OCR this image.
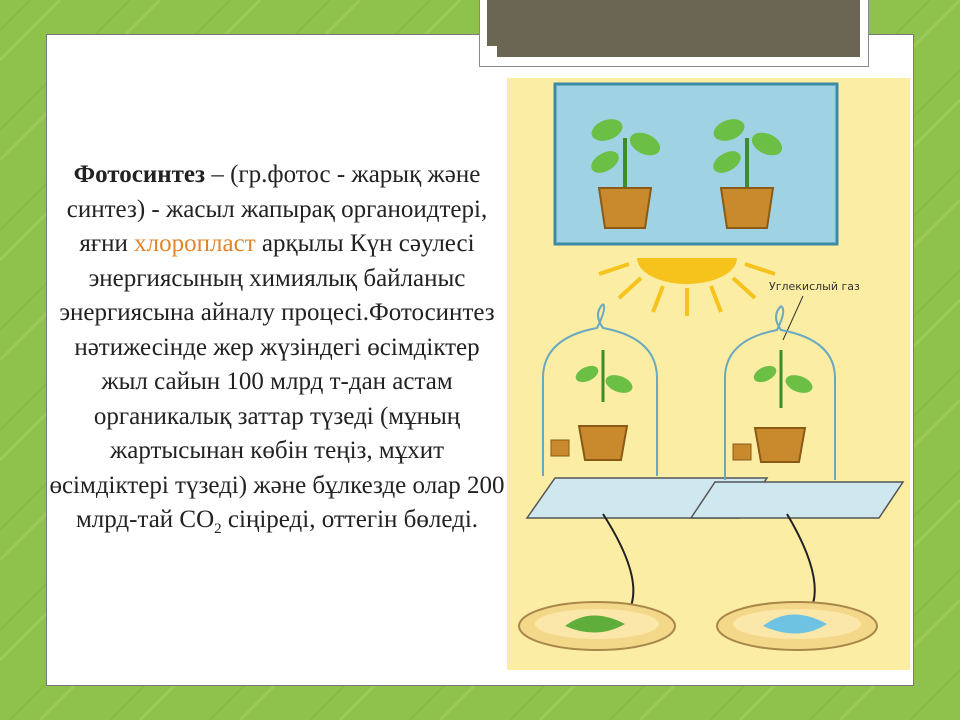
Фотосинтез
Фотосинтез – (гр.фотос - жарық және синтез) - жасыл жапырақ органоидтері, яғни хлоропласт арқылы Күн сәулесі энергиясының химиялық байланыс энергиясына айналу процесі.Фотосинтез нәтижесінде жер жүзіндегі өсімдіктер жыл сайын 100 млрд т-дан астам органикалық заттар түзеді (мұның жартысынан көбін теңіз, мұхит өсімдіктері түзеді) және бұлкезде олар 200 млрд-тай $СО_2$ сіңіреді, оттегін бөледі.
Углекислый газ
